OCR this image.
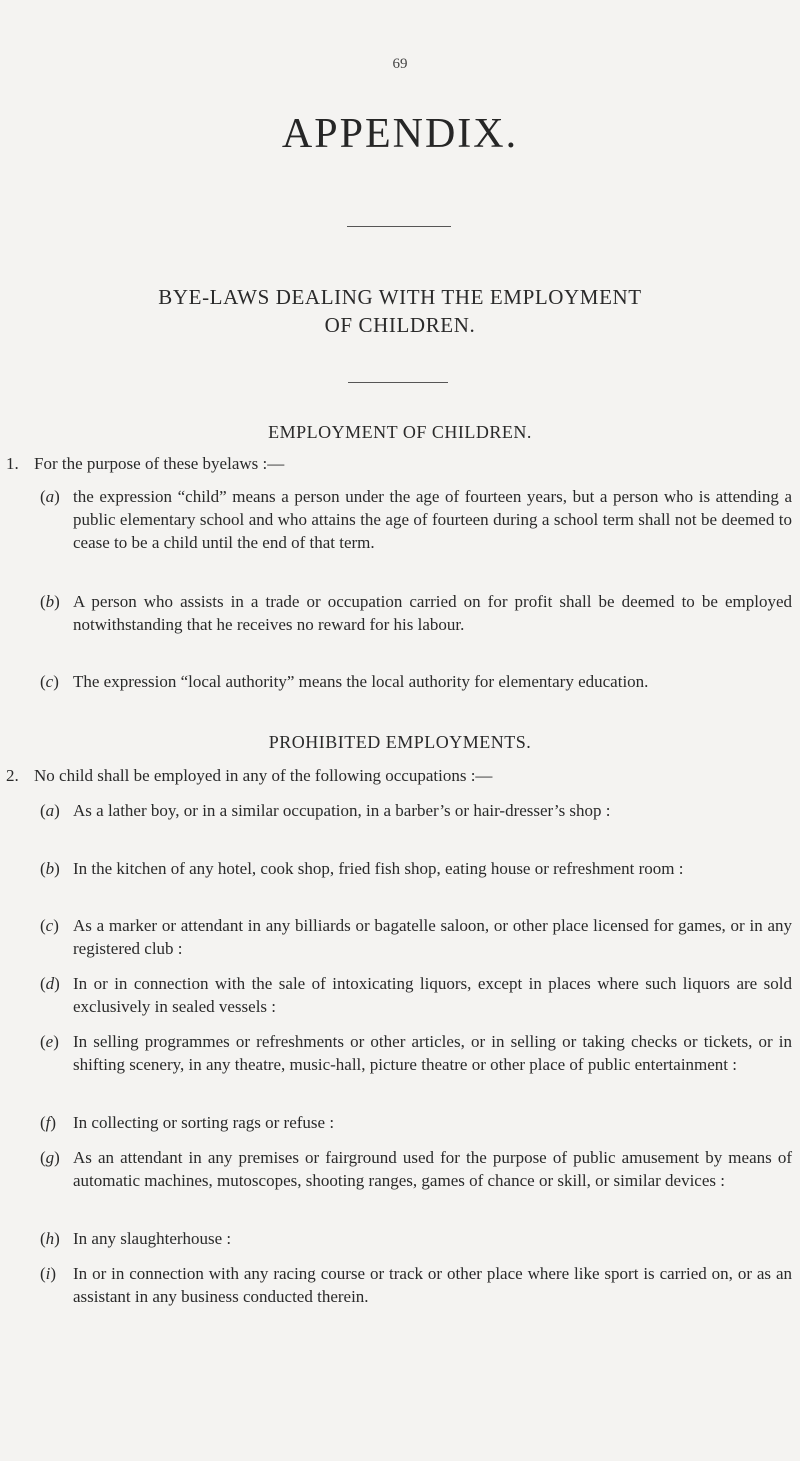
69
APPENDIX.
BYE-LAWS DEALING WITH THE EMPLOYMENT
OF CHILDREN.
EMPLOYMENT OF CHILDREN.
1. For the purpose of these byelaws :—
(a) the expression “child” means a person under the age of fourteen years, but a person who is attending a public elementary school and who attains the age of fourteen during a school term shall not be deemed to cease to be a child until the end of that term.
(b) A person who assists in a trade or occupation carried on for profit shall be deemed to be employed notwithstanding that he receives no reward for his labour.
(c) The expression “local authority” means the local authority for elementary education.
PROHIBITED EMPLOYMENTS.
2. No child shall be employed in any of the following occupations :—
(a) As a lather boy, or in a similar occupation, in a barber’s or hair-dresser’s shop :
(b) In the kitchen of any hotel, cook shop, fried fish shop, eating house or refreshment room :
(c) As a marker or attendant in any billiards or bagatelle saloon, or other place licensed for games, or in any registered club :
(d) In or in connection with the sale of intoxicating liquors, except in places where such liquors are sold exclusively in sealed vessels :
(e) In selling programmes or refreshments or other articles, or in selling or taking checks or tickets, or in shifting scenery, in any theatre, music-hall, picture theatre or other place of public entertainment :
(f) In collecting or sorting rags or refuse :
(g) As an attendant in any premises or fairground used for the purpose of public amusement by means of automatic machines, mutoscopes, shooting ranges, games of chance or skill, or similar devices :
(h) In any slaughterhouse :
(i) In or in connection with any racing course or track or other place where like sport is carried on, or as an assistant in any business conducted therein.
